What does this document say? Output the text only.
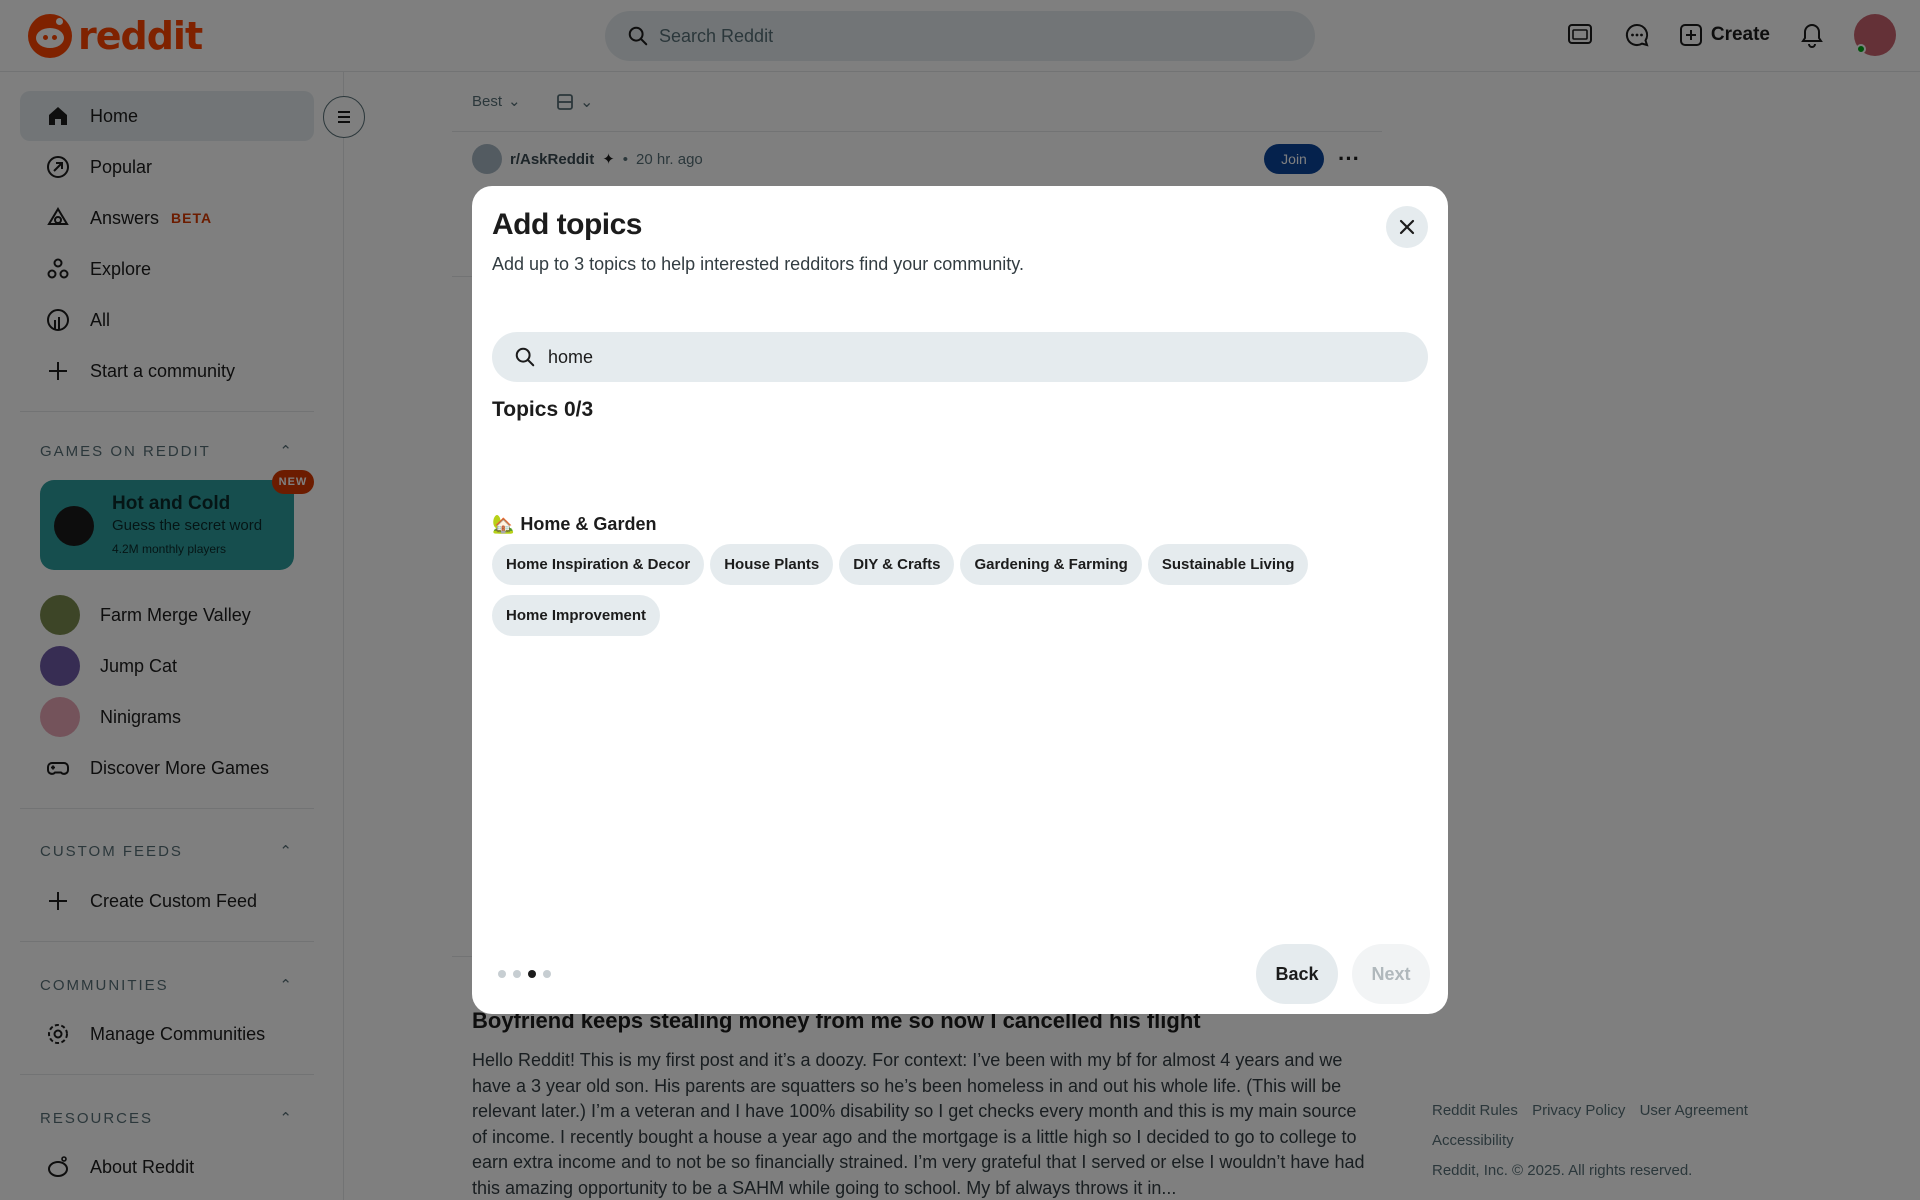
Add topics
Add up to 3 topics to help interested redditors find your community.
home
Topics 0/3
🏡 Home & Garden
Home Inspiration & Decor	House Plants	DIY & Crafts	Gardening & Farming	Sustainable Living
Home Improvement
Back	Next
